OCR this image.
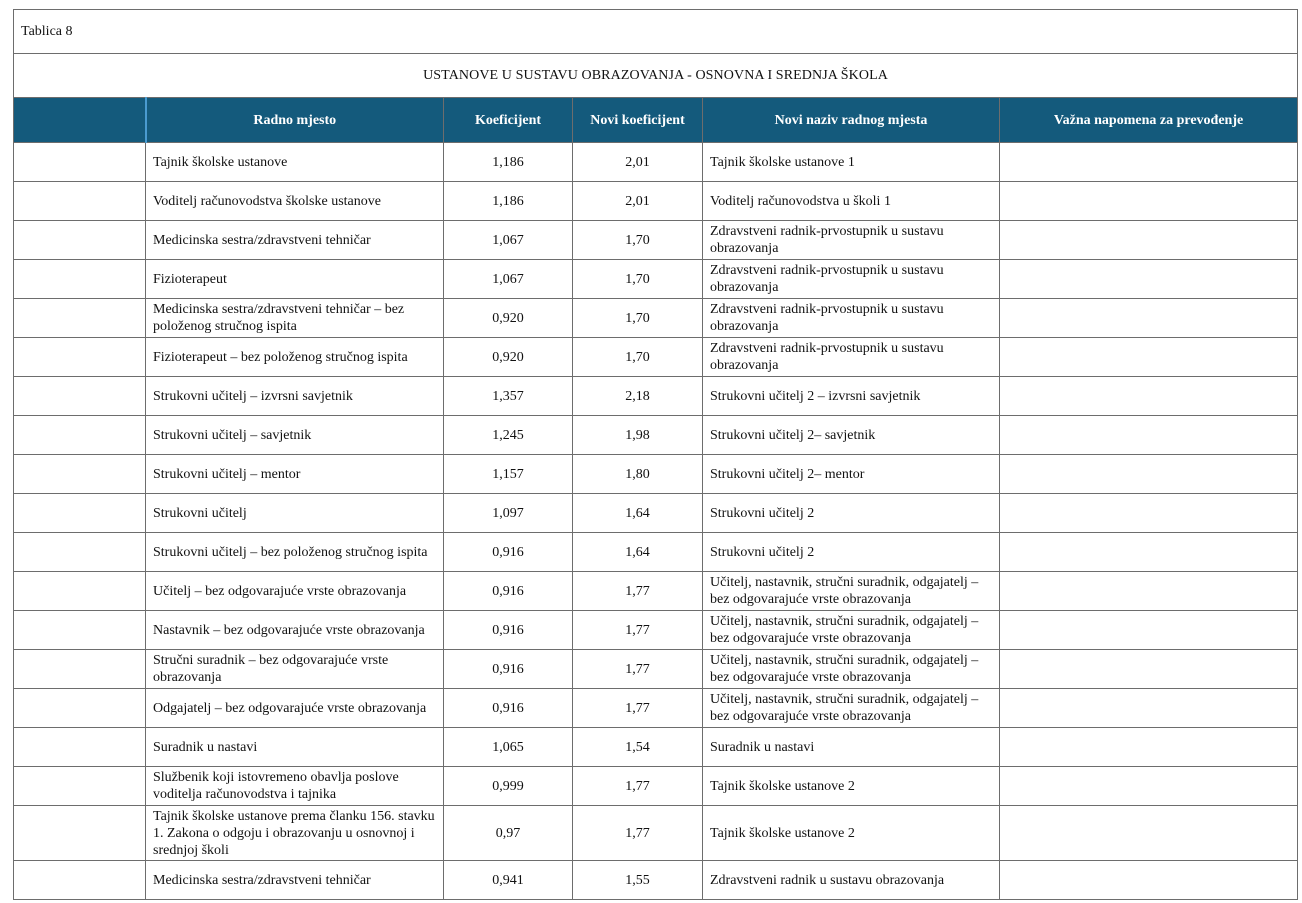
Tablica 8					
USTANOVE U SUSTAVU OBRAZOVANJA - OSNOVNA I SREDNJA ŠKOLA					
	Radno mjesto	Koeficijent	Novi koeficijent	Novi naziv radnog mjesta	Važna napomena za prevođenje
	Tajnik školske ustanove	1,186	2,01	Tajnik školske ustanove 1	
	Voditelj računovodstva školske ustanove	1,186	2,01	Voditelj računovodstva u školi 1	
	Medicinska sestra/zdravstveni tehničar	1,067	1,70	Zdravstveni radnik-prvostupnik u sustavu obrazovanja	
	Fizioterapeut	1,067	1,70	Zdravstveni radnik-prvostupnik u sustavu obrazovanja	
	Medicinska sestra/zdravstveni tehničar – bez položenog stručnog ispita	0,920	1,70	Zdravstveni radnik-prvostupnik u sustavu obrazovanja	
	Fizioterapeut – bez položenog stručnog ispita	0,920	1,70	Zdravstveni radnik-prvostupnik u sustavu obrazovanja	
	Strukovni učitelj – izvrsni savjetnik	1,357	2,18	Strukovni učitelj 2 – izvrsni savjetnik	
	Strukovni učitelj – savjetnik	1,245	1,98	Strukovni učitelj 2– savjetnik	
	Strukovni učitelj – mentor	1,157	1,80	Strukovni učitelj 2– mentor	
	Strukovni učitelj	1,097	1,64	Strukovni učitelj 2	
	Strukovni učitelj – bez položenog stručnog ispita	0,916	1,64	Strukovni učitelj 2	
	Učitelj – bez odgovarajuće vrste obrazovanja	0,916	1,77	Učitelj, nastavnik, stručni suradnik, odgajatelj – bez odgovarajuće vrste obrazovanja	
	Nastavnik – bez odgovarajuće vrste obrazovanja	0,916	1,77	Učitelj, nastavnik, stručni suradnik, odgajatelj – bez odgovarajuće vrste obrazovanja	
	Stručni suradnik – bez odgovarajuće vrste obrazovanja	0,916	1,77	Učitelj, nastavnik, stručni suradnik, odgajatelj – bez odgovarajuće vrste obrazovanja	
	Odgajatelj – bez odgovarajuće vrste obrazovanja	0,916	1,77	Učitelj, nastavnik, stručni suradnik, odgajatelj – bez odgovarajuće vrste obrazovanja	
	Suradnik u nastavi	1,065	1,54	Suradnik u nastavi	
	Službenik koji istovremeno obavlja poslove voditelja računovodstva i tajnika	0,999	1,77	Tajnik školske ustanove 2	
	Tajnik školske ustanove prema članku 156. stavku 1. Zakona o odgoju i obrazovanju u osnovnoj i srednjoj školi	0,97	1,77	Tajnik školske ustanove 2	
	Medicinska sestra/zdravstveni tehničar	0,941	1,55	Zdravstveni radnik u sustavu obrazovanja	
